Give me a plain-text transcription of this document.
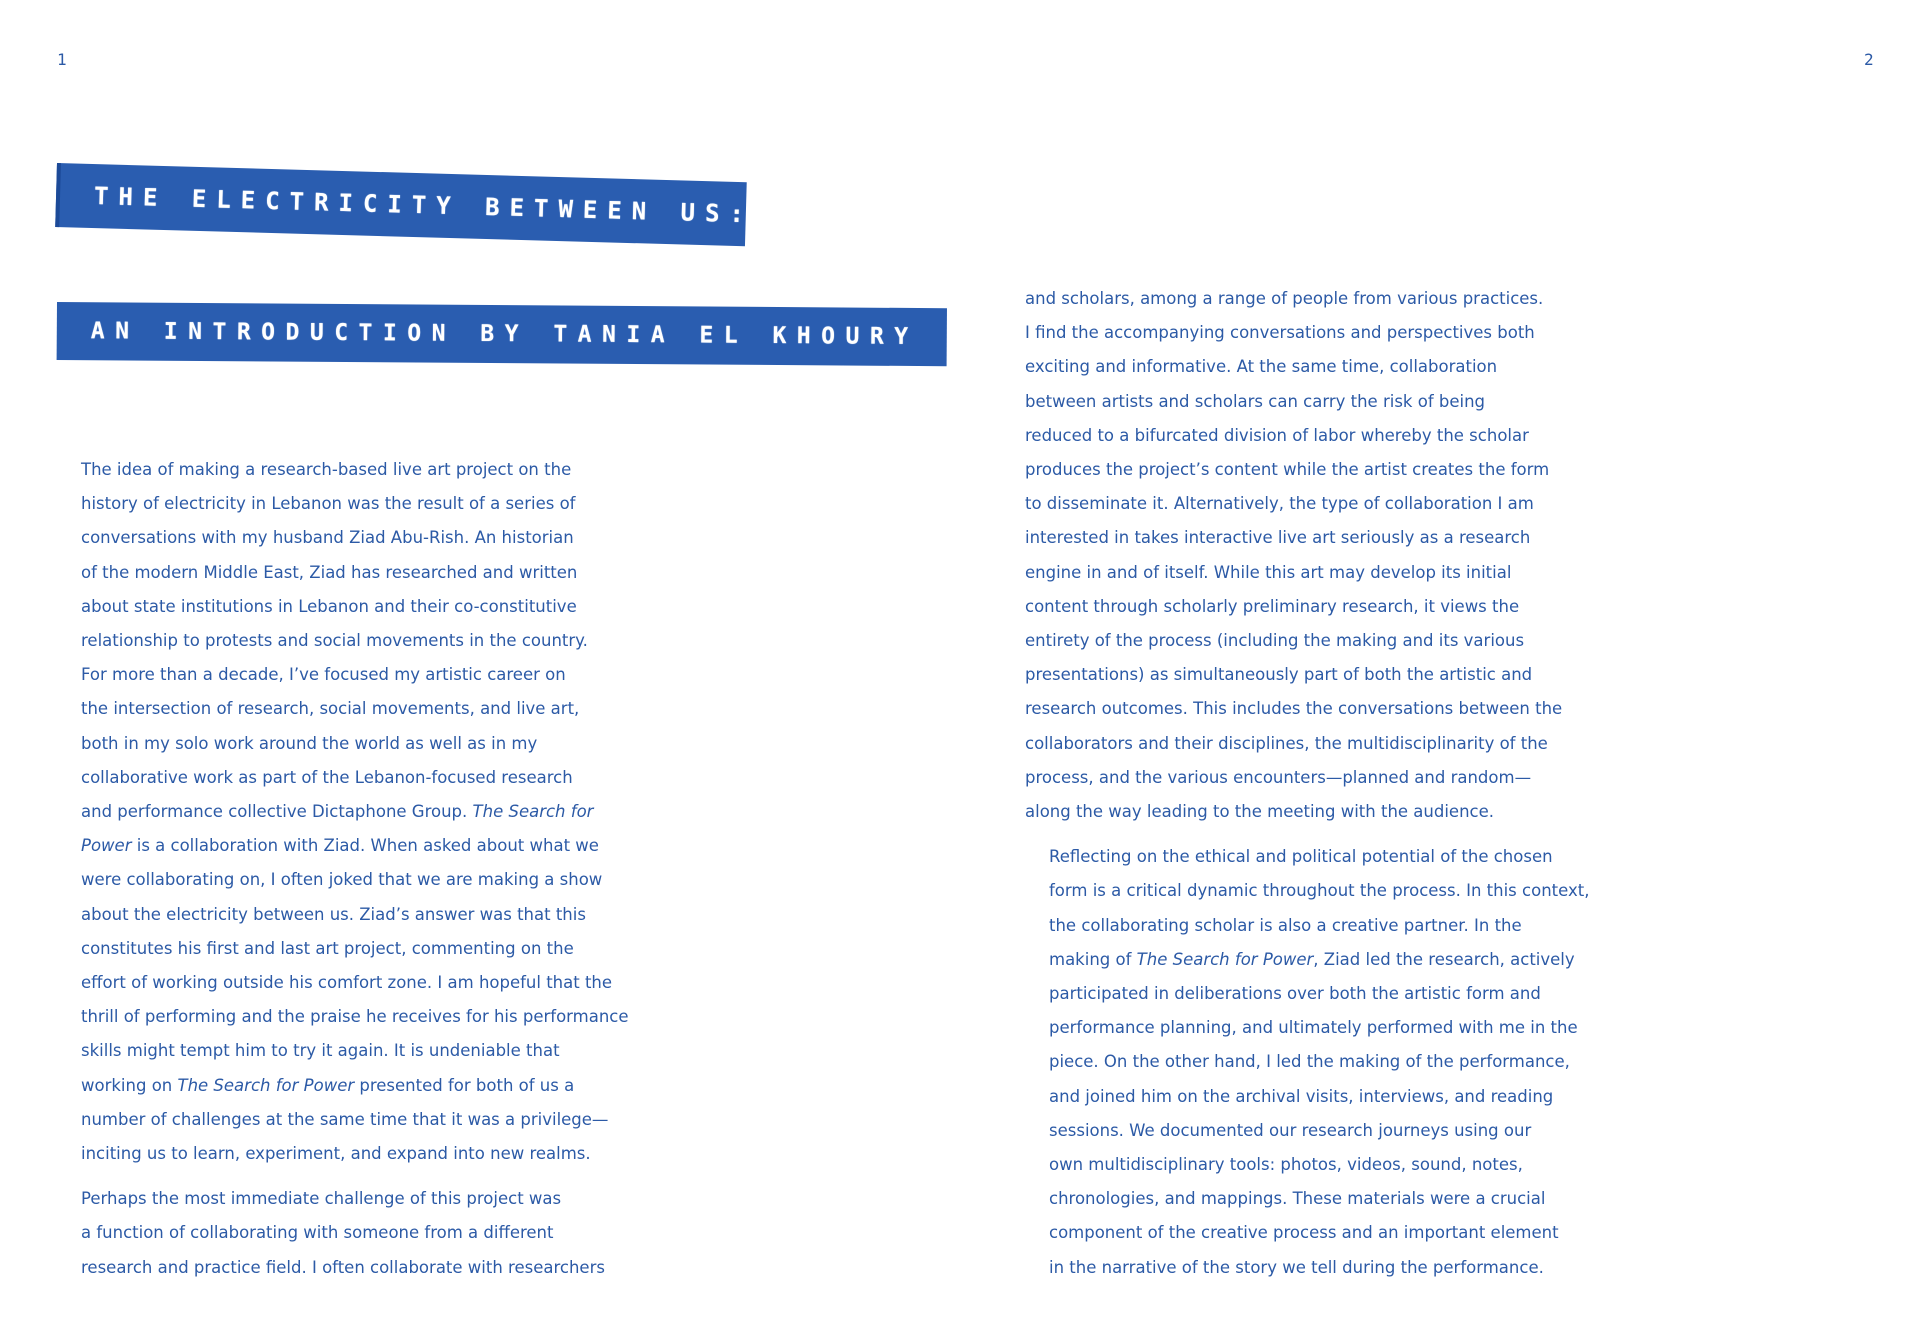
1	2
THE ELECTRICITY BETWEEN US:
AN INTRODUCTION BY TANIA EL KHOURY

The idea of making a research-based live art project on the
history of electricity in Lebanon was the result of a series of
conversations with my husband Ziad Abu-Rish. An historian
of the modern Middle East, Ziad has researched and written
about state institutions in Lebanon and their co-constitutive
relationship to protests and social movements in the country.
For more than a decade, I’ve focused my artistic career on
the intersection of research, social movements, and live art,
both in my solo work around the world as well as in my
collaborative work as part of the Lebanon-focused research
and performance collective Dictaphone Group. The Search for
Power is a collaboration with Ziad. When asked about what we
were collaborating on, I often joked that we are making a show
about the electricity between us. Ziad’s answer was that this
constitutes his first and last art project, commenting on the
effort of working outside his comfort zone. I am hopeful that the
thrill of performing and the praise he receives for his performance
skills might tempt him to try it again. It is undeniable that
working on The Search for Power presented for both of us a
number of challenges at the same time that it was a privilege—
inciting us to learn, experiment, and expand into new realms.

Perhaps the most immediate challenge of this project was
a function of collaborating with someone from a different
research and practice field. I often collaborate with researchers

and scholars, among a range of people from various practices.
I find the accompanying conversations and perspectives both
exciting and informative. At the same time, collaboration
between artists and scholars can carry the risk of being
reduced to a bifurcated division of labor whereby the scholar
produces the project’s content while the artist creates the form
to disseminate it. Alternatively, the type of collaboration I am
interested in takes interactive live art seriously as a research
engine in and of itself. While this art may develop its initial
content through scholarly preliminary research, it views the
entirety of the process (including the making and its various
presentations) as simultaneously part of both the artistic and
research outcomes. This includes the conversations between the
collaborators and their disciplines, the multidisciplinarity of the
process, and the various encounters—planned and random—
along the way leading to the meeting with the audience.

Reflecting on the ethical and political potential of the chosen
form is a critical dynamic throughout the process. In this context,
the collaborating scholar is also a creative partner. In the
making of The Search for Power, Ziad led the research, actively
participated in deliberations over both the artistic form and
performance planning, and ultimately performed with me in the
piece. On the other hand, I led the making of the performance,
and joined him on the archival visits, interviews, and reading
sessions. We documented our research journeys using our
own multidisciplinary tools: photos, videos, sound, notes,
chronologies, and mappings. These materials were a crucial
component of the creative process and an important element
in the narrative of the story we tell during the performance.
